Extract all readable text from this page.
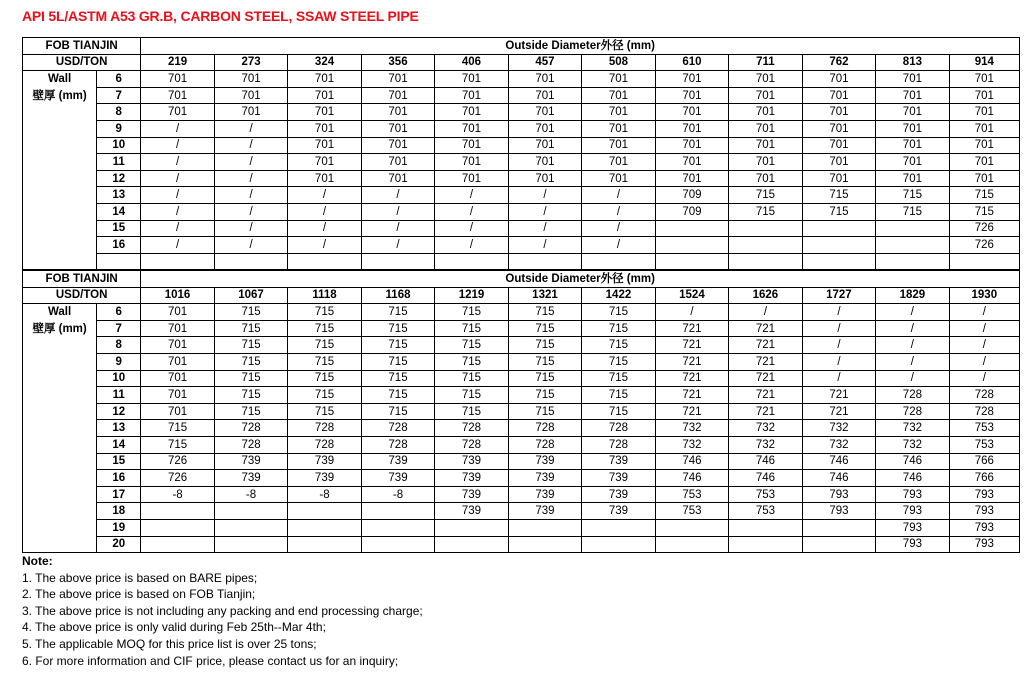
API 5L/ASTM A53 GR.B, CARBON STEEL, SSAW STEEL PIPE
FOB TIANJIN		Outside Diameter外径 (mm)											
USD/TON		219	273	324	356	406	457	508	610	711	762	813	914
Wall	6	701	701	701	701	701	701	701	701	701	701	701	701
壁厚 (mm)	7	701	701	701	701	701	701	701	701	701	701	701	701
	8	701	701	701	701	701	701	701	701	701	701	701	701
	9	/	/	701	701	701	701	701	701	701	701	701	701
	10	/	/	701	701	701	701	701	701	701	701	701	701
	11	/	/	701	701	701	701	701	701	701	701	701	701
	12	/	/	701	701	701	701	701	701	701	701	701	701
	13	/	/	/	/	/	/	/	709	715	715	715	715
	14	/	/	/	/	/	/	/	709	715	715	715	715
	15	/	/	/	/	/	/	/					726
	16	/	/	/	/	/	/	/					726

FOB TIANJIN		Outside Diameter外径 (mm)											
USD/TON		1016	1067	1118	1168	1219	1321	1422	1524	1626	1727	1829	1930
Wall	6	701	715	715	715	715	715	715	/	/	/	/	/
壁厚 (mm)	7	701	715	715	715	715	715	715	721	721	/	/	/
	8	701	715	715	715	715	715	715	721	721	/	/	/
	9	701	715	715	715	715	715	715	721	721	/	/	/
	10	701	715	715	715	715	715	715	721	721	/	/	/
	11	701	715	715	715	715	715	715	721	721	721	728	728
	12	701	715	715	715	715	715	715	721	721	721	728	728
	13	715	728	728	728	728	728	728	732	732	732	732	753
	14	715	728	728	728	728	728	728	732	732	732	732	753
	15	726	739	739	739	739	739	739	746	746	746	746	766
	16	726	739	739	739	739	739	739	746	746	746	746	766
	17	-8	-8	-8	-8	739	739	739	753	753	793	793	793
	18					739	739	739	753	753	793	793	793
	19											793	793
	20											793	793
Note:
1. The above price is based on BARE pipes;
2. The above price is based on FOB Tianjin;
3. The above price is not including any packing and end processing charge;
4. The above price is only valid during Feb 25th--Mar 4th;
5. The applicable MOQ for this price list is over 25 tons;
6. For more information and CIF price, please contact us for an inquiry;
